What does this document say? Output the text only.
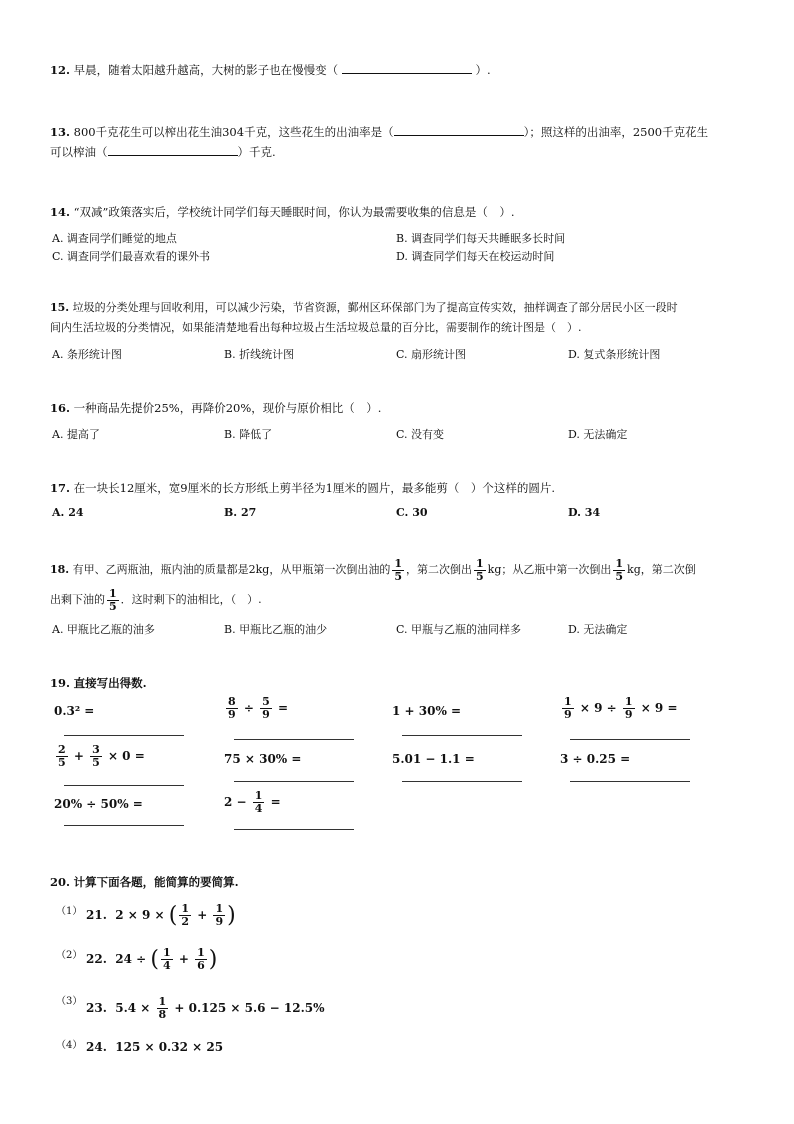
12. 早晨，随着太阳越升越高，大树的影子也在慢慢变（	）.
13. 800千克花生可以榨出花生油304千克，这些花生的出油率是（	）；照这样的出油率，2500千克花生
可以榨油（	）千克.
14. “双减”政策落实后，学校统计同学们每天睡眠时间，你认为最需要收集的信息是（　）.
A. 调查同学们睡觉的地点	B. 调查同学们每天共睡眠多长时间
C. 调查同学们最喜欢看的课外书	D. 调查同学们每天在校运动时间
15. 垃圾的分类处理与回收利用，可以减少污染，节省资源，鄞州区环保部门为了提高宣传实效，抽样调查了部分居民小区一段时
间内生活垃圾的分类情况，如果能清楚地看出每种垃圾占生活垃圾总量的百分比，需要制作的统计图是（　）.
A. 条形统计图	B. 折线统计图	C. 扇形统计图	D. 复式条形统计图
16. 一种商品先提价25%，再降价20%，现价与原价相比（　）.
A. 提高了	B. 降低了	C. 没有变	D. 无法确定
17. 在一块长12厘米，宽9厘米的长方形纸上剪半径为1厘米的圆片，最多能剪（　）个这样的圆片.
A. 24	B. 27	C. 30	D. 34
18. 有甲、乙两瓶油，瓶内油的质量都是2kg，从甲瓶第一次倒出油的 $\frac{1}{5}$ ，第二次倒出 $\frac{1}{5}$ kg；从乙瓶中第一次倒出 $\frac{1}{5}$ kg，第二次倒
出剩下油的 $\frac{1}{5}$ ．这时剩下的油相比，（　）.
A. 甲瓶比乙瓶的油多	B. 甲瓶比乙瓶的油少	C. 甲瓶与乙瓶的油同样多	D. 无法确定
19. 直接写出得数.
0.3² =	$\frac{8}{9} \div \frac{5}{9}$ =	1 + 30% =	$\frac{1}{9} \times 9 \div \frac{1}{9} \times 9$ =
$\frac{2}{5} + \frac{3}{5} \times 0$ =	75 × 30% =	5.01 − 1.1 =	3 ÷ 0.25 =
20% ÷ 50% =	$2 - \frac{1}{4}$ =
20. 计算下面各题，能简算的要简算.
（1） 21. 2 × 9 × ( $\frac{1}{2} + \frac{1}{9}$ )
（2） 22. 24 ÷ ( $\frac{1}{4} + \frac{1}{6}$ )
（3） 23. $5.4 \times \frac{1}{8} + 0.125 \times 5.6 - 12.5\%$
（4） 24. 125 × 0.32 × 25
